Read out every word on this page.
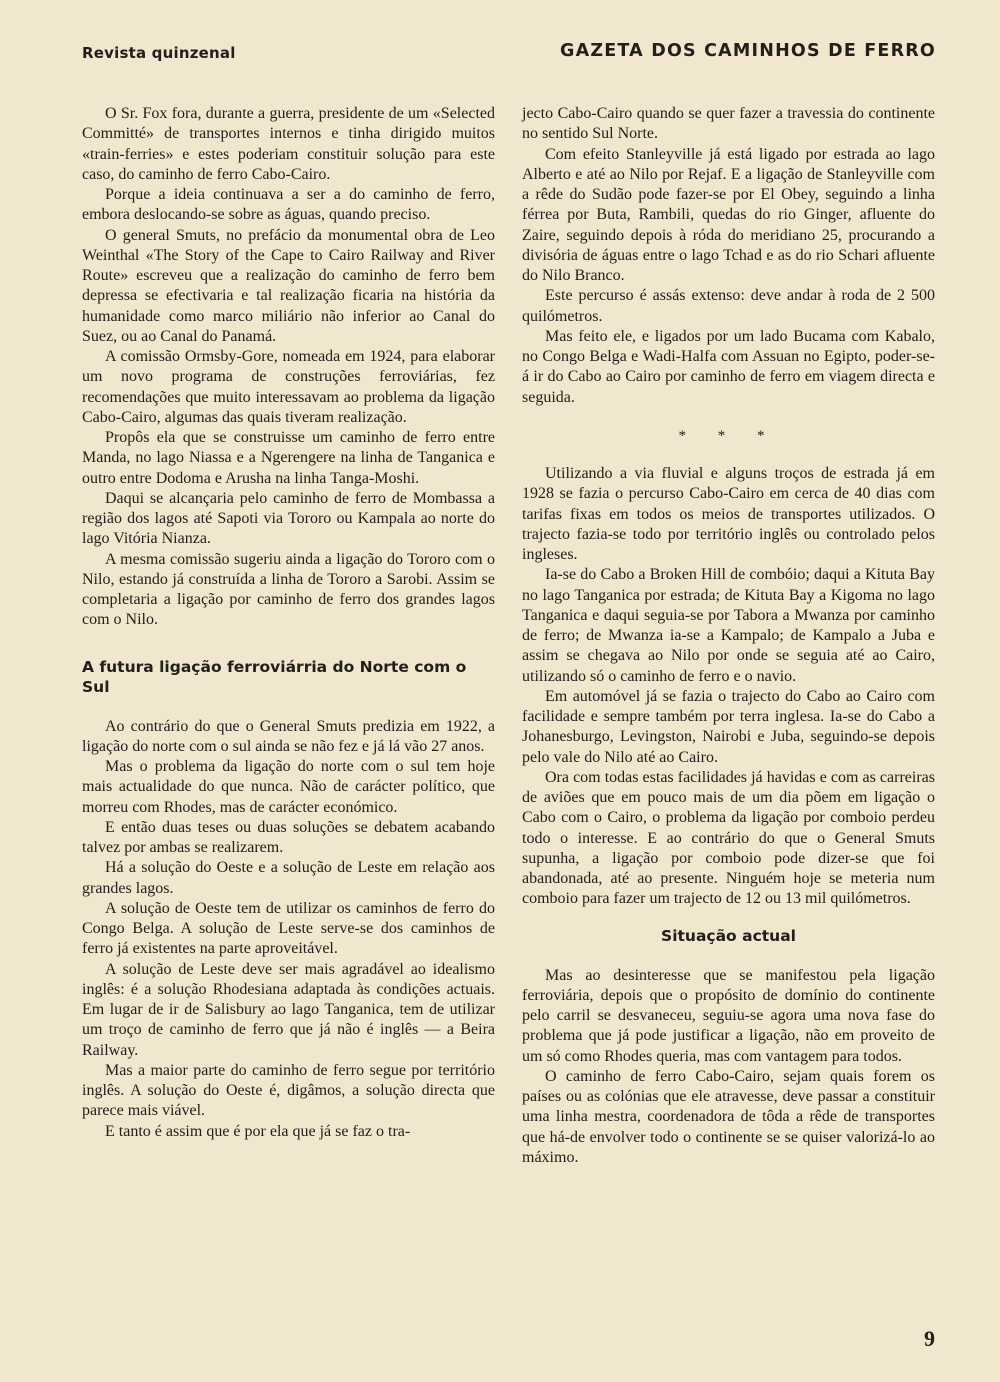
Revista quinzenal	GAZETA DOS CAMINHOS DE FERRO

O Sr. Fox fora, durante a guerra, presidente de um «Selected Committé» de transportes internos e tinha dirigido muitos «train-ferries» e estes poderiam constituir solução para este caso, do caminho de ferro Cabo-Cairo.

Porque a ideia continuava a ser a do caminho de ferro, embora deslocando-se sobre as águas, quando preciso.

O general Smuts, no prefácio da monumental obra de Leo Weinthal «The Story of the Cape to Cairo Railway and River Route» escreveu que a realização do caminho de ferro bem depressa se efectivaria e tal realização ficaria na história da humanidade como marco miliário não inferior ao Canal do Suez, ou ao Canal do Panamá.

A comissão Ormsby-Gore, nomeada em 1924, para elaborar um novo programa de construções ferroviárias, fez recomendações que muito interessavam ao problema da ligação Cabo-Cairo, algumas das quais tiveram realização.

Propôs ela que se construisse um caminho de ferro entre Manda, no lago Niassa e a Ngerengere na linha de Tanganica e outro entre Dodoma e Arusha na linha Tanga-Moshi.

Daqui se alcançaria pelo caminho de ferro de Mombassa a região dos lagos até Sapoti via Tororo ou Kampala ao norte do lago Vitória Nianza.

A mesma comissão sugeriu ainda a ligação do Tororo com o Nilo, estando já construída a linha de Tororo a Sarobi. Assim se completaria a ligação por caminho de ferro dos grandes lagos com o Nilo.

A futura ligação ferroviárria do Norte com o Sul

Ao contrário do que o General Smuts predizia em 1922, a ligação do norte com o sul ainda se não fez e já lá vão 27 anos.

Mas o problema da ligação do norte com o sul tem hoje mais actualidade do que nunca. Não de carácter político, que morreu com Rhodes, mas de carácter económico.

E então duas teses ou duas soluções se debatem acabando talvez por ambas se realizarem.

Há a solução do Oeste e a solução de Leste em relação aos grandes lagos.

A solução de Oeste tem de utilizar os caminhos de ferro do Congo Belga. A solução de Leste serve-se dos caminhos de ferro já existentes na parte aproveitável.

A solução de Leste deve ser mais agradável ao idealismo inglês: é a solução Rhodesiana adaptada às condições actuais. Em lugar de ir de Salisbury ao lago Tanganica, tem de utilizar um troço de caminho de ferro que já não é inglês — a Beira Railway.

Mas a maior parte do caminho de ferro segue por território inglês. A solução do Oeste é, digâmos, a solução directa que parece mais viável.

E tanto é assim que é por ela que já se faz o tra-

jecto Cabo-Cairo quando se quer fazer a travessia do continente no sentido Sul Norte.

Com efeito Stanleyville já está ligado por estrada ao lago Alberto e até ao Nilo por Rejaf. E a ligação de Stanleyville com a rêde do Sudão pode fazer-se por El Obey, seguindo a linha férrea por Buta, Rambili, quedas do rio Ginger, afluente do Zaire, seguindo depois à róda do meridiano 25, procurando a divisória de águas entre o lago Tchad e as do rio Schari afluente do Nilo Branco.

Este percurso é assás extenso: deve andar à roda de 2 500 quilómetros.

Mas feito ele, e ligados por um lado Bucama com Kabalo, no Congo Belga e Wadi-Halfa com Assuan no Egipto, poder-se-á ir do Cabo ao Cairo por caminho de ferro em viagem directa e seguida.

* * *

Utilizando a via fluvial e alguns troços de estrada já em 1928 se fazia o percurso Cabo-Cairo em cerca de 40 dias com tarifas fixas em todos os meios de transportes utilizados. O trajecto fazia-se todo por território inglês ou controlado pelos ingleses.

Ia-se do Cabo a Broken Hill de combóio; daqui a Kituta Bay no lago Tanganica por estrada; de Kituta Bay a Kigoma no lago Tanganica e daqui seguia-se por Tabora a Mwanza por caminho de ferro; de Mwanza ia-se a Kampalo; de Kampalo a Juba e assim se chegava ao Nilo por onde se seguia até ao Cairo, utilizando só o caminho de ferro e o navio.

Em automóvel já se fazia o trajecto do Cabo ao Cairo com facilidade e sempre também por terra inglesa. Ia-se do Cabo a Johanesburgo, Levingston, Nairobi e Juba, seguindo-se depois pelo vale do Nilo até ao Cairo.

Ora com todas estas facilidades já havidas e com as carreiras de aviões que em pouco mais de um dia põem em ligação o Cabo com o Cairo, o problema da ligação por comboio perdeu todo o interesse. E ao contrário do que o General Smuts supunha, a ligação por comboio pode dizer-se que foi abandonada, até ao presente. Ninguém hoje se meteria num comboio para fazer um trajecto de 12 ou 13 mil quilómetros.

Situação actual

Mas ao desinteresse que se manifestou pela ligação ferroviária, depois que o propósito de domínio do continente pelo carril se desvaneceu, seguiu-se agora uma nova fase do problema que já pode justificar a ligação, não em proveito de um só como Rhodes queria, mas com vantagem para todos.

O caminho de ferro Cabo-Cairo, sejam quais forem os países ou as colónias que ele atravesse, deve passar a constituir uma linha mestra, coordenadora de tôda a rêde de transportes que há-de envolver todo o continente se se quiser valorizá-lo ao máximo.

9
